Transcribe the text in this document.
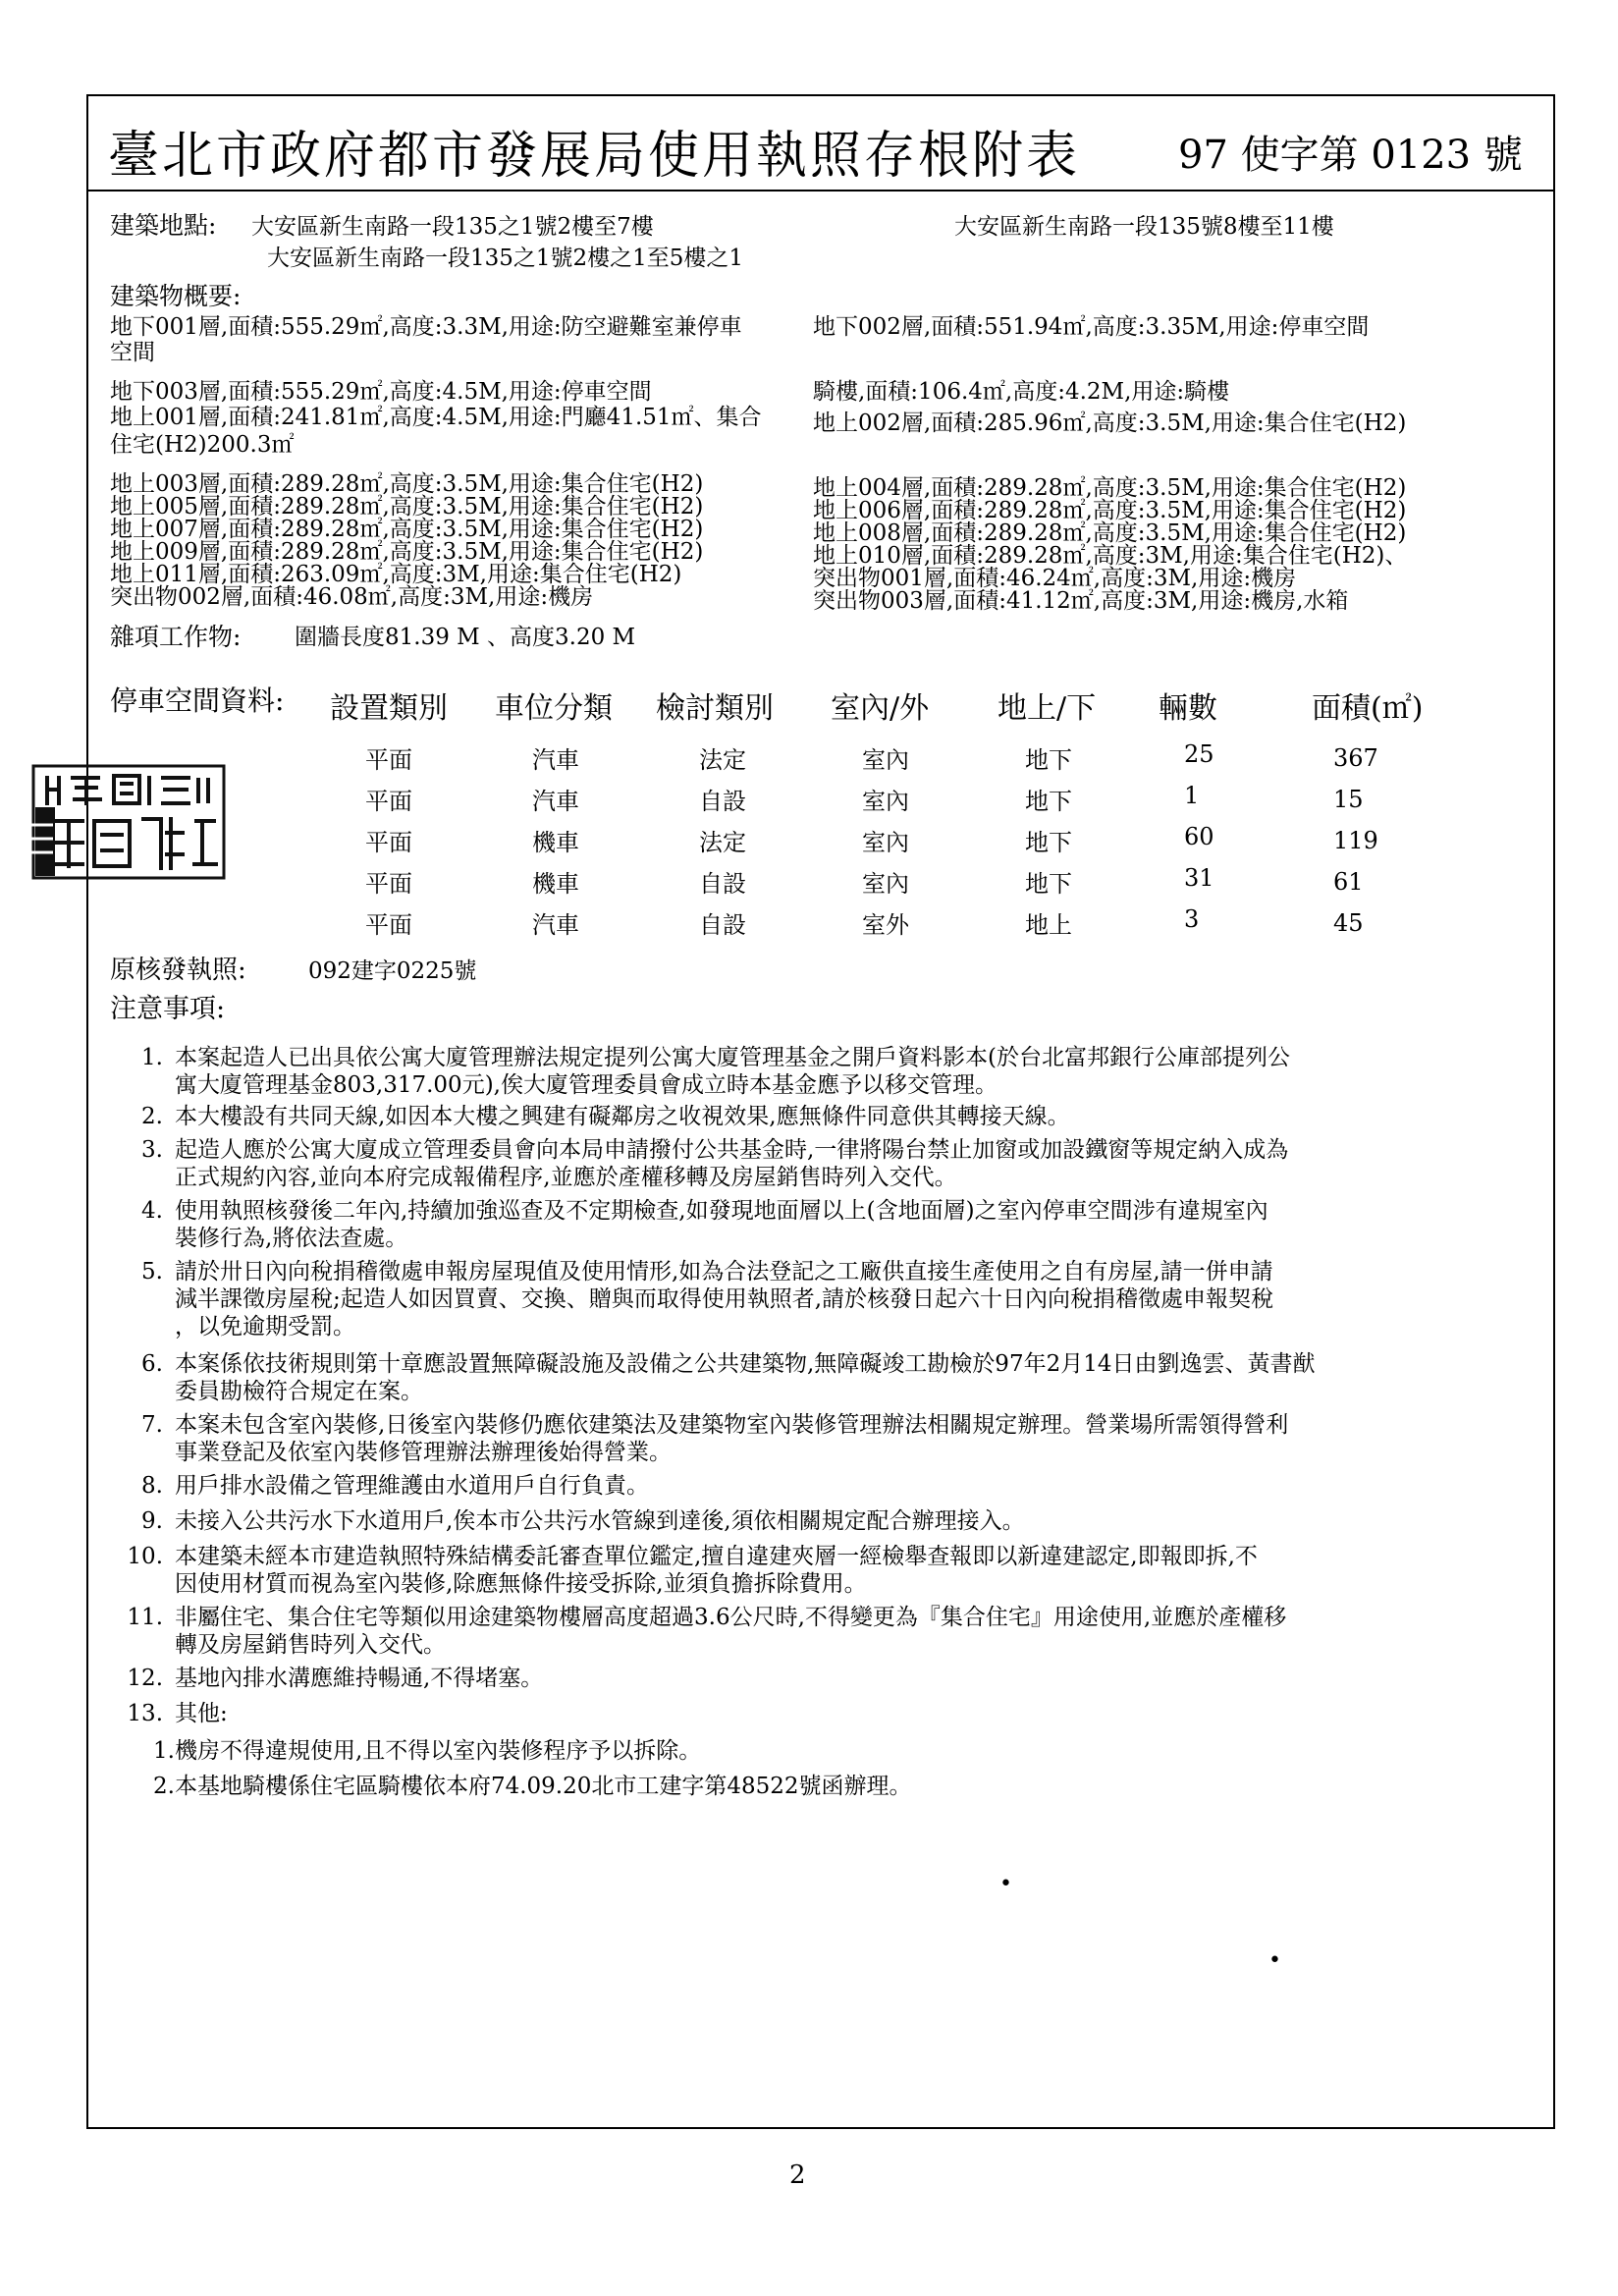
臺北市政府都市發展局使用執照存根附表 97 使字第 0123 號
建築地點: 大安區新生南路一段135之1號2樓至7樓	大安區新生南路一段135號8樓至11樓
大安區新生南路一段135之1號2樓之1至5樓之1
建築物概要:
地下001層,面積:555.29㎡,高度:3.3M,用途:防空避難室兼停車	地下002層,面積:551.94㎡,高度:3.35M,用途:停車空間
空間
地下003層,面積:555.29㎡,高度:4.5M,用途:停車空間	騎樓,面積:106.4㎡,高度:4.2M,用途:騎樓
地上001層,面積:241.81㎡,高度:4.5M,用途:門廳41.51㎡、集合 地上002層,面積:285.96㎡,高度:3.5M,用途:集合住宅(H2)
住宅(H2)200.3㎡
地上003層,面積:289.28㎡,高度:3.5M,用途:集合住宅(H2)	地上004層,面積:289.28㎡,高度:3.5M,用途:集合住宅(H2)
地上005層,面積:289.28㎡,高度:3.5M,用途:集合住宅(H2)	地上006層,面積:289.28㎡,高度:3.5M,用途:集合住宅(H2)
地上007層,面積:289.28㎡,高度:3.5M,用途:集合住宅(H2)	地上008層,面積:289.28㎡,高度:3.5M,用途:集合住宅(H2)
地上009層,面積:289.28㎡,高度:3.5M,用途:集合住宅(H2)	地上010層,面積:289.28㎡,高度:3M,用途:集合住宅(H2)、
地上011層,面積:263.09㎡,高度:3M,用途:集合住宅(H2)	突出物001層,面積:46.24㎡,高度:3M,用途:機房
突出物002層,面積:46.08㎡,高度:3M,用途:機房	突出物003層,面積:41.12㎡,高度:3M,用途:機房,水箱
雜項工作物: 圍牆長度81.39 M 、高度3.20 M
停車空間資料: 設置類別 車位分類 檢討類別 室內/外 地上/下 輛數	面積(㎡)
平面	汽車	法定	室內	地下	25	367
平面	汽車	自設	室內	地下	1	15
平面	機車	法定	室內	地下	60	119
平面	機車	自設	室內	地下	31	61
平面	汽車	自設	室外	地上	3	45
原核發執照:	092建字0225號
注意事項:
1. 本案起造人已出具依公寓大廈管理辦法規定提列公寓大廈管理基金之開戶資料影本(於台北富邦銀行公庫部提列公
寓大廈管理基金803,317.00元),俟大廈管理委員會成立時本基金應予以移交管理。
2. 本大樓設有共同天線,如因本大樓之興建有礙鄰房之收視效果,應無條件同意供其轉接天線。
3. 起造人應於公寓大廈成立管理委員會向本局申請撥付公共基金時,一律將陽台禁止加窗或加設鐵窗等規定納入成為
正式規約內容,並向本府完成報備程序,並應於產權移轉及房屋銷售時列入交代。
4. 使用執照核發後二年內,持續加強巡查及不定期檢查,如發現地面層以上(含地面層)之室內停車空間涉有違規室內
裝修行為,將依法查處。
5. 請於卅日內向稅捐稽徵處申報房屋現值及使用情形,如為合法登記之工廠供直接生產使用之自有房屋,請一併申請
減半課徵房屋稅;起造人如因買賣、交換、贈與而取得使用執照者,請於核發日起六十日內向稅捐稽徵處申報契稅
，以免逾期受罰。
6. 本案係依技術規則第十章應設置無障礙設施及設備之公共建築物,無障礙竣工勘檢於97年2月14日由劉逸雲、黃書猷
委員勘檢符合規定在案。
7. 本案未包含室內裝修,日後室內裝修仍應依建築法及建築物室內裝修管理辦法相關規定辦理。營業場所需領得營利
事業登記及依室內裝修管理辦法辦理後始得營業。
8. 用戶排水設備之管理維護由水道用戶自行負責。
9. 未接入公共污水下水道用戶,俟本市公共污水管線到達後,須依相關規定配合辦理接入。
10. 本建築未經本市建造執照特殊結構委託審查單位鑑定,擅自違建夾層一經檢舉查報即以新違建認定,即報即拆,不
因使用材質而視為室內裝修,除應無條件接受拆除,並須負擔拆除費用。
11. 非屬住宅、集合住宅等類似用途建築物樓層高度超過3.6公尺時,不得變更為『集合住宅』用途使用,並應於產權移
轉及房屋銷售時列入交代。
12. 基地內排水溝應維持暢通,不得堵塞。
13. 其他:
1.機房不得違規使用,且不得以室內裝修程序予以拆除。
2.本基地騎樓係住宅區騎樓依本府74.09.20北市工建字第48522號函辦理。
•
•
2
